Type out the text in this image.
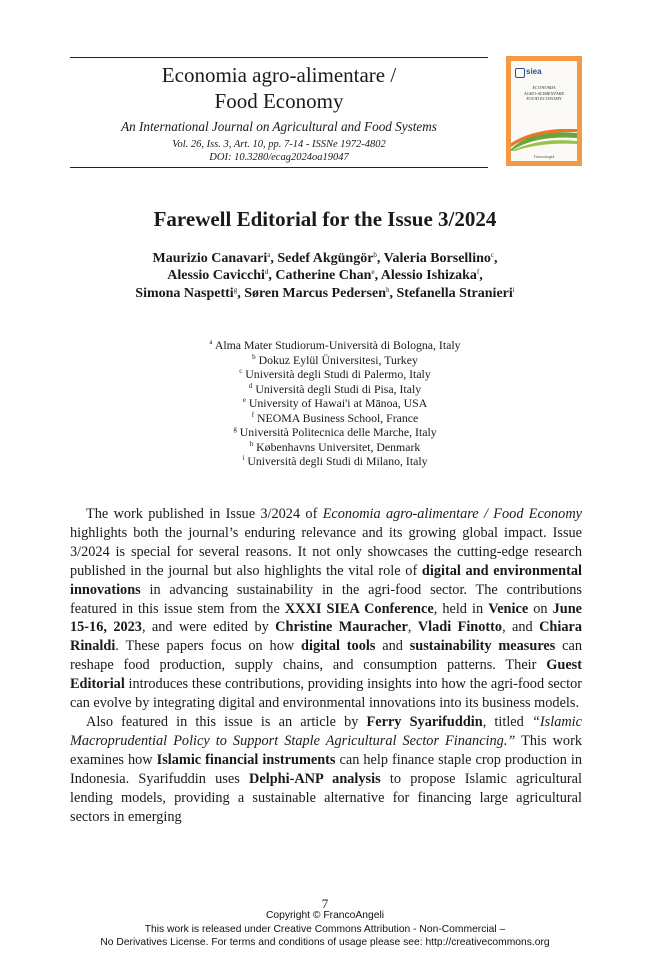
Economia agro-alimentare /
Food Economy
An International Journal on Agricultural and Food Systems
Vol. 26, Iss. 3, Art. 10, pp. 7-14 - ISSNe 1972-4802
DOI: 10.3280/ecag2024oa19047
siea
ECONOMIA
AGRO-ALIMENTARE
FOOD ECONOMY
FrancoAngeli
Farewell Editorial for the Issue 3/2024
Maurizio Canavari$^a$, Sedef Akgüngör$^b$, Valeria Borsellino$^c$,
Alessio Cavicchi$^d$, Catherine Chan$^e$, Alessio Ishizaka$^f$,
Simona Naspetti$^g$, Søren Marcus Pedersen$^h$, Stefanella Stranieri$^i$
$^a$ Alma Mater Studiorum-Università di Bologna, Italy
$^b$ Dokuz Eylül Üniversitesi, Turkey
$^c$ Università degli Studi di Palermo, Italy
$^d$ Università degli Studi di Pisa, Italy
$^e$ University of Hawai'i at Mānoa, USA
$^f$ NEOMA Business School, France
$^g$ Università Politecnica delle Marche, Italy
$^h$ Københavns Universitet, Denmark
$^i$ Università degli Studi di Milano, Italy

The work published in Issue 3/2024 of Economia agro-alimentare / Food Economy highlights both the journal’s enduring relevance and its growing global impact. Issue 3/2024 is special for several reasons. It not only showcases the cutting-edge research published in the journal but also highlights the vital role of digital and environmental innovations in advancing sustainability in the agri-food sector. The contributions featured in this issue stem from the XXXI SIEA Conference, held in Venice on June 15-16, 2023, and were edited by Christine Mauracher, Vladi Finotto, and Chiara Rinaldi. These papers focus on how digital tools and sustainability measures can reshape food production, supply chains, and consumption patterns. Their Guest Editorial introduces these contributions, providing insights into how the agri-food sector can evolve by integrating digital and environmental innovations into its business models.

Also featured in this issue is an article by Ferry Syarifuddin, titled “Islamic Macroprudential Policy to Support Staple Agricultural Sector Financing.” This work examines how Islamic financial instruments can help finance staple crop production in Indonesia. Syarifuddin uses Delphi-ANP analysis to propose Islamic agricultural lending models, providing a sustainable alternative for financing large agricultural sectors in emerging

7
Copyright © FrancoAngeli
This work is released under Creative Commons Attribution - Non-Commercial –
No Derivatives License. For terms and conditions of usage please see: http://creativecommons.org
